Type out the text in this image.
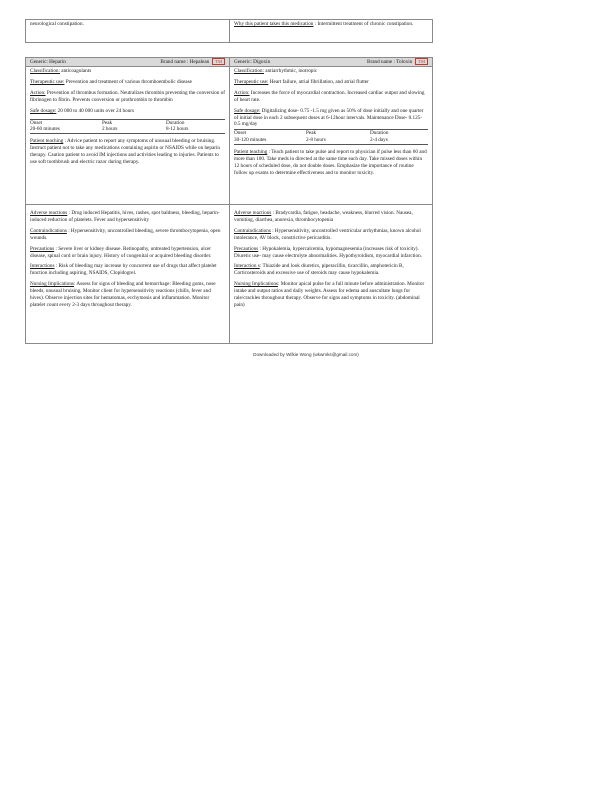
neurological constipation.	Why this patient takes this medication : Intermittent treatment of chronic constipation.
Generic: Heparin	Brand name : Hepalean TM
Classification: anticoagulants
Therapeutic use: Prevention and treatment of various thromboembolic disease
Action: Prevention of thrombus formation. Neutralizes thrombin preventing the conversion of fibrinogen to fibrin. Prevents conversion or prothrombin to thrombin
Safe dosage: 20 000 to 40 000 units over 24 hours
Onset	Peak	Duration
20-60 minutes	2 hours	8-12 hours
Patient teaching : Advice patient to report any symptoms of unusual bleeding or bruising. Instruct patient not to take any medications containing aspirin or NSAIDS while on heparin therapy. Caution patient to avoid IM injections and activities leading to injuries. Patients to use soft toothbrush and electric razor during therapy.
Generic: Digoxin	Brand name : Toloxin TM
Classification: antiarrhythmic, inotropic
Therapeutic use: Heart failure, atrial fibrillation, and atrial flutter
Action: Increases the force of myocardial contraction. Increased cardiac output and slowing of heart rate.
Safe dosage: Digitalizing dose- 0.75 -1.5 mg given as 50% of dose initially and one quarter of initial dose in each 2 subsequent doses at 6-12hour intervals. Maintenance Dose- 0.125-0.5 mg/day
Onset	Peak	Duration
30-120 minutes	2-8 hours	2-4 days
Patient teaching : Teach patient to take pulse and report to physician if pulse less than 60 and more than 100. Take meds in directed at the same time each day. Take missed doses within 12 hours of scheduled dose, do not double doses. Emphasize the importance of routine follow up exams to determine effectiveness and to monitor toxicity.
Adverse reactions : Drug induced Hepatitis, hives, rashes, spot baldness, bleeding, heparin-induced reduction of platelets. Fever and hypersensitivity
Contraindications : Hypersensitivity, uncontrolled bleeding, severe thrombocytopenia, open wounds.
Precautions : Severe liver or kidney disease. Retinopathy, untreated hypertension, ulcer disease, spinal cord or brain injury. History of congenital or acquired bleeding disorder.
Interactions : Risk of bleeding may increase by concurrent use of drugs that affect platelet function including aspiring, NSAIDS, Clopidogrel.
Nursing Implications: Assess for signs of bleeding and hemorrhage: Bleeding gums, nose bleeds, unusual bruising. Monitor client for hypersensitivity reactions (chills, fever and hives). Observe injection sites for hematomas, ecchymosis and inflammation. Monitor platelet count every 2-3 days throughout therapy.
Adverse reactions : Bradycardia, fatigue, headache, weakness, blurred vision. Nausea, vomiting, diarrhea, anorexia, thrombocytopenia
Contraindications : Hypersensitivity, uncontrolled ventricular arrhythmias, known alcohol intolerance, AV block, constrictive pericarditis.
Precautions : Hypokalemia, hypercalcemia, hypomagnesemia (increases risk of toxicity). Diuretic use- may cause electrolyte abnormalities. Hypothyroidism, myocardial infarction.
Interaction s: Thiazide and look diuretics, piperacillin, ticarcillin, amphotericin B, Corticosteroids and excessive use of steroids may cause hypokalemia.
Nursing Implications: Monitor apical pulse for a full minute before administration. Monitor intake and output ratios and daily weights. Assess for edema and auscultate lungs for rale/crackles throughout therapy. Observe for signs and symptoms in toxicity. (abdominal pain)
Downloaded by Wilkie Wong (wkwmks@gmail.com)
